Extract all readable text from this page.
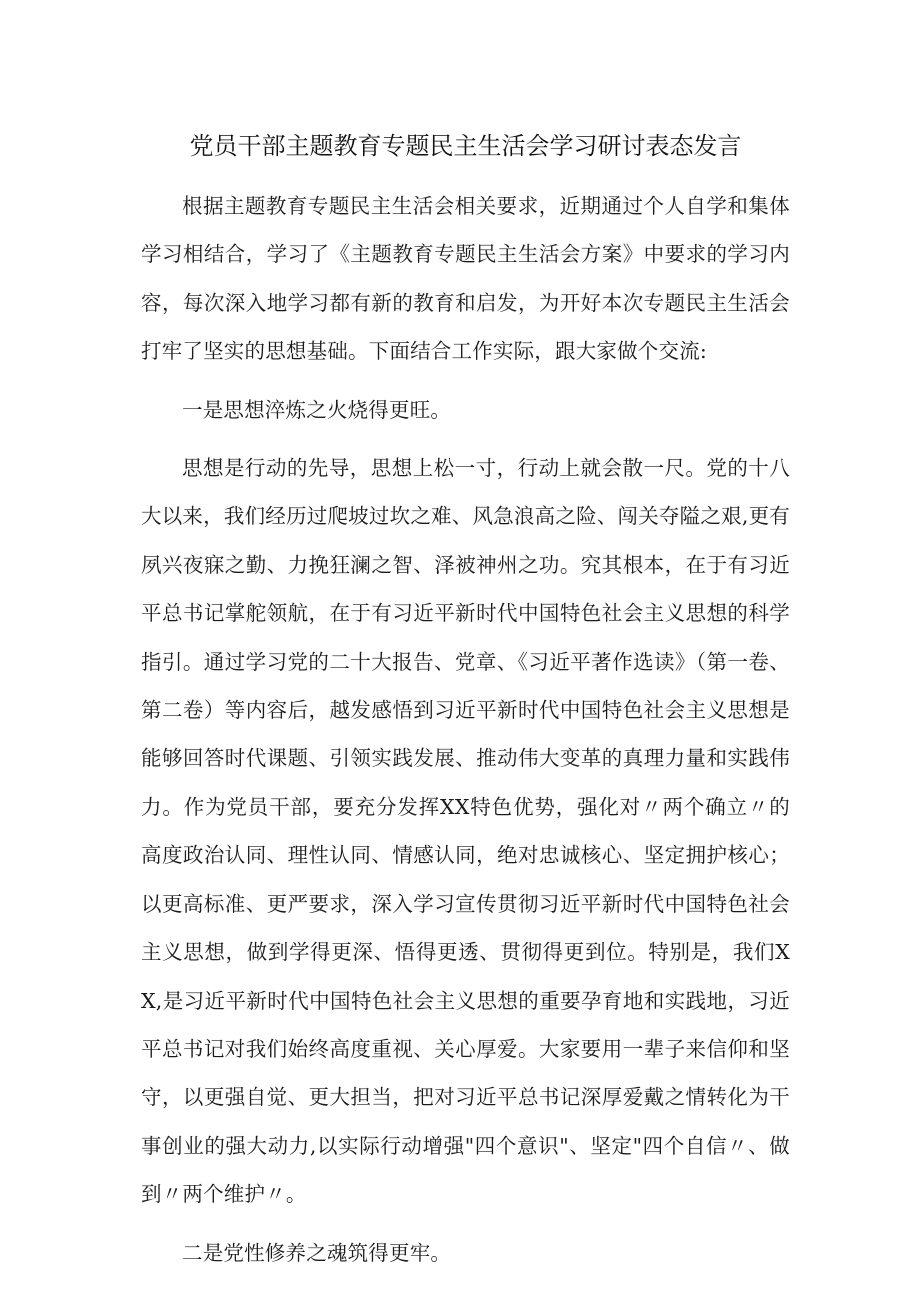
党员干部主题教育专题民主生活会学习研讨表态发言

根据主题教育专题民主生活会相关要求，近期通过个人自学和集体学习相结合，学习了《主题教育专题民主生活会方案》中要求的学习内容，每次深入地学习都有新的教育和启发，为开好本次专题民主生活会打牢了坚实的思想基础。下面结合工作实际，跟大家做个交流:

一是思想淬炼之火烧得更旺。

思想是行动的先导，思想上松一寸，行动上就会散一尺。党的十八大以来，我们经历过爬坡过坎之难、风急浪高之险、闯关夺隘之艰,更有夙兴夜寐之勤、力挽狂澜之智、泽被神州之功。究其根本，在于有习近平总书记掌舵领航，在于有习近平新时代中国特色社会主义思想的科学指引。通过学习党的二十大报告、党章、《习近平著作选读》（第一卷、第二卷）等内容后，越发感悟到习近平新时代中国特色社会主义思想是能够回答时代课题、引领实践发展、推动伟大变革的真理力量和实践伟力。作为党员干部，要充分发挥XX特色优势，强化对〃两个确立〃的高度政治认同、理性认同、情感认同，绝对忠诚核心、坚定拥护核心；以更高标准、更严要求，深入学习宣传贯彻习近平新时代中国特色社会主义思想，做到学得更深、悟得更透、贯彻得更到位。特别是，我们XX,是习近平新时代中国特色社会主义思想的重要孕育地和实践地，习近平总书记对我们始终高度重视、关心厚爱。大家要用一辈子来信仰和坚守，以更强自觉、更大担当，把对习近平总书记深厚爱戴之情转化为干事创业的强大动力,以实际行动增强"四个意识"、坚定"四个自信〃、做到〃两个维护〃。

二是党性修养之魂筑得更牢。
